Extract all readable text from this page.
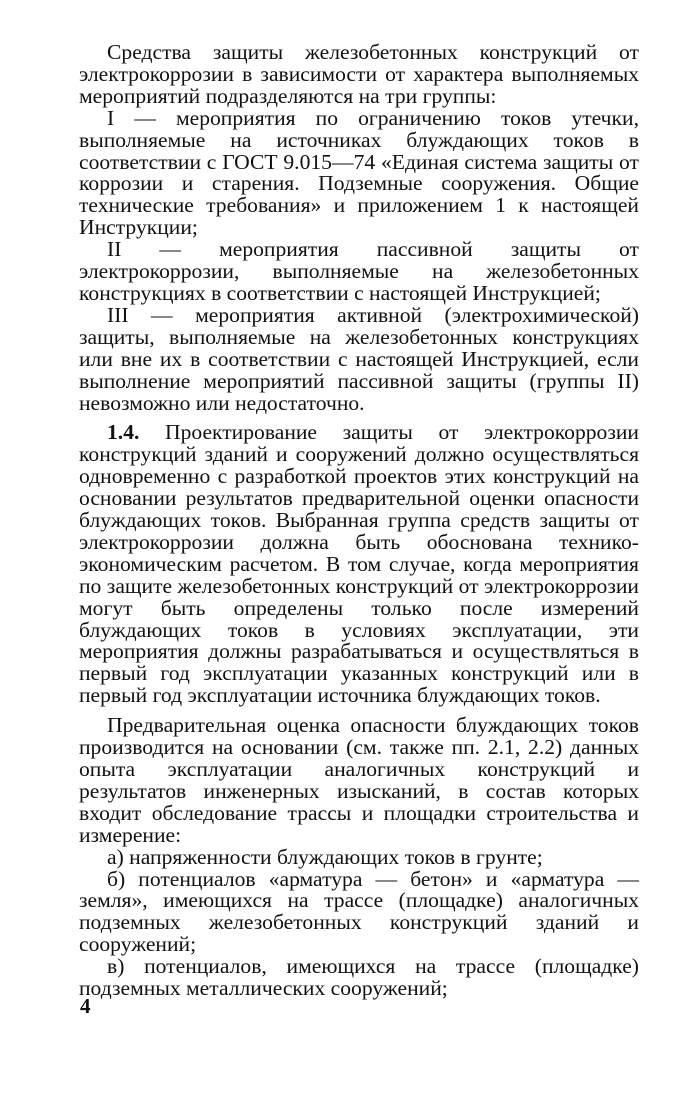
Средства защиты железобетонных конструкций от электрокоррозии в зависимости от характера выполняемых мероприятий подразделяются на три группы:

I — мероприятия по ограничению токов утечки, выполняемые на источниках блуждающих токов в соответствии с ГОСТ 9.015—74 «Единая система защиты от коррозии и старения. Подземные сооружения. Общие технические требования» и приложением 1 к настоящей Инструкции;

II — мероприятия пассивной защиты от электрокоррозии, выполняемые на железобетонных конструкциях в соответствии с настоящей Инструкцией;

III — мероприятия активной (электрохимической) защиты, выполняемые на железобетонных конструкциях или вне их в соответствии с настоящей Инструкцией, если выполнение мероприятий пассивной защиты (группы II) невозможно или недостаточно.

1.4. Проектирование защиты от электрокоррозии конструкций зданий и сооружений должно осуществляться одновременно с разработкой проектов этих конструкций на основании результатов предварительной оценки опасности блуждающих токов. Выбранная группа средств защиты от электрокоррозии должна быть обоснована технико-экономическим расчетом. В том случае, когда мероприятия по защите железобетонных конструкций от электрокоррозии могут быть определены только после измерений блуждающих токов в условиях эксплуатации, эти мероприятия должны разрабатываться и осуществляться в первый год эксплуатации указанных конструкций или в первый год эксплуатации источника блуждающих токов.

Предварительная оценка опасности блуждающих токов производится на основании (см. также пп. 2.1, 2.2) данных опыта эксплуатации аналогичных конструкций и результатов инженерных изысканий, в состав которых входит обследование трассы и площадки строительства и измерение:

а) напряженности блуждающих токов в грунте;

б) потенциалов «арматура — бетон» и «арматура — земля», имеющихся на трассе (площадке) аналогичных подземных железобетонных конструкций зданий и сооружений;

в) потенциалов, имеющихся на трассе (площадке) подземных металлических сооружений;

4
